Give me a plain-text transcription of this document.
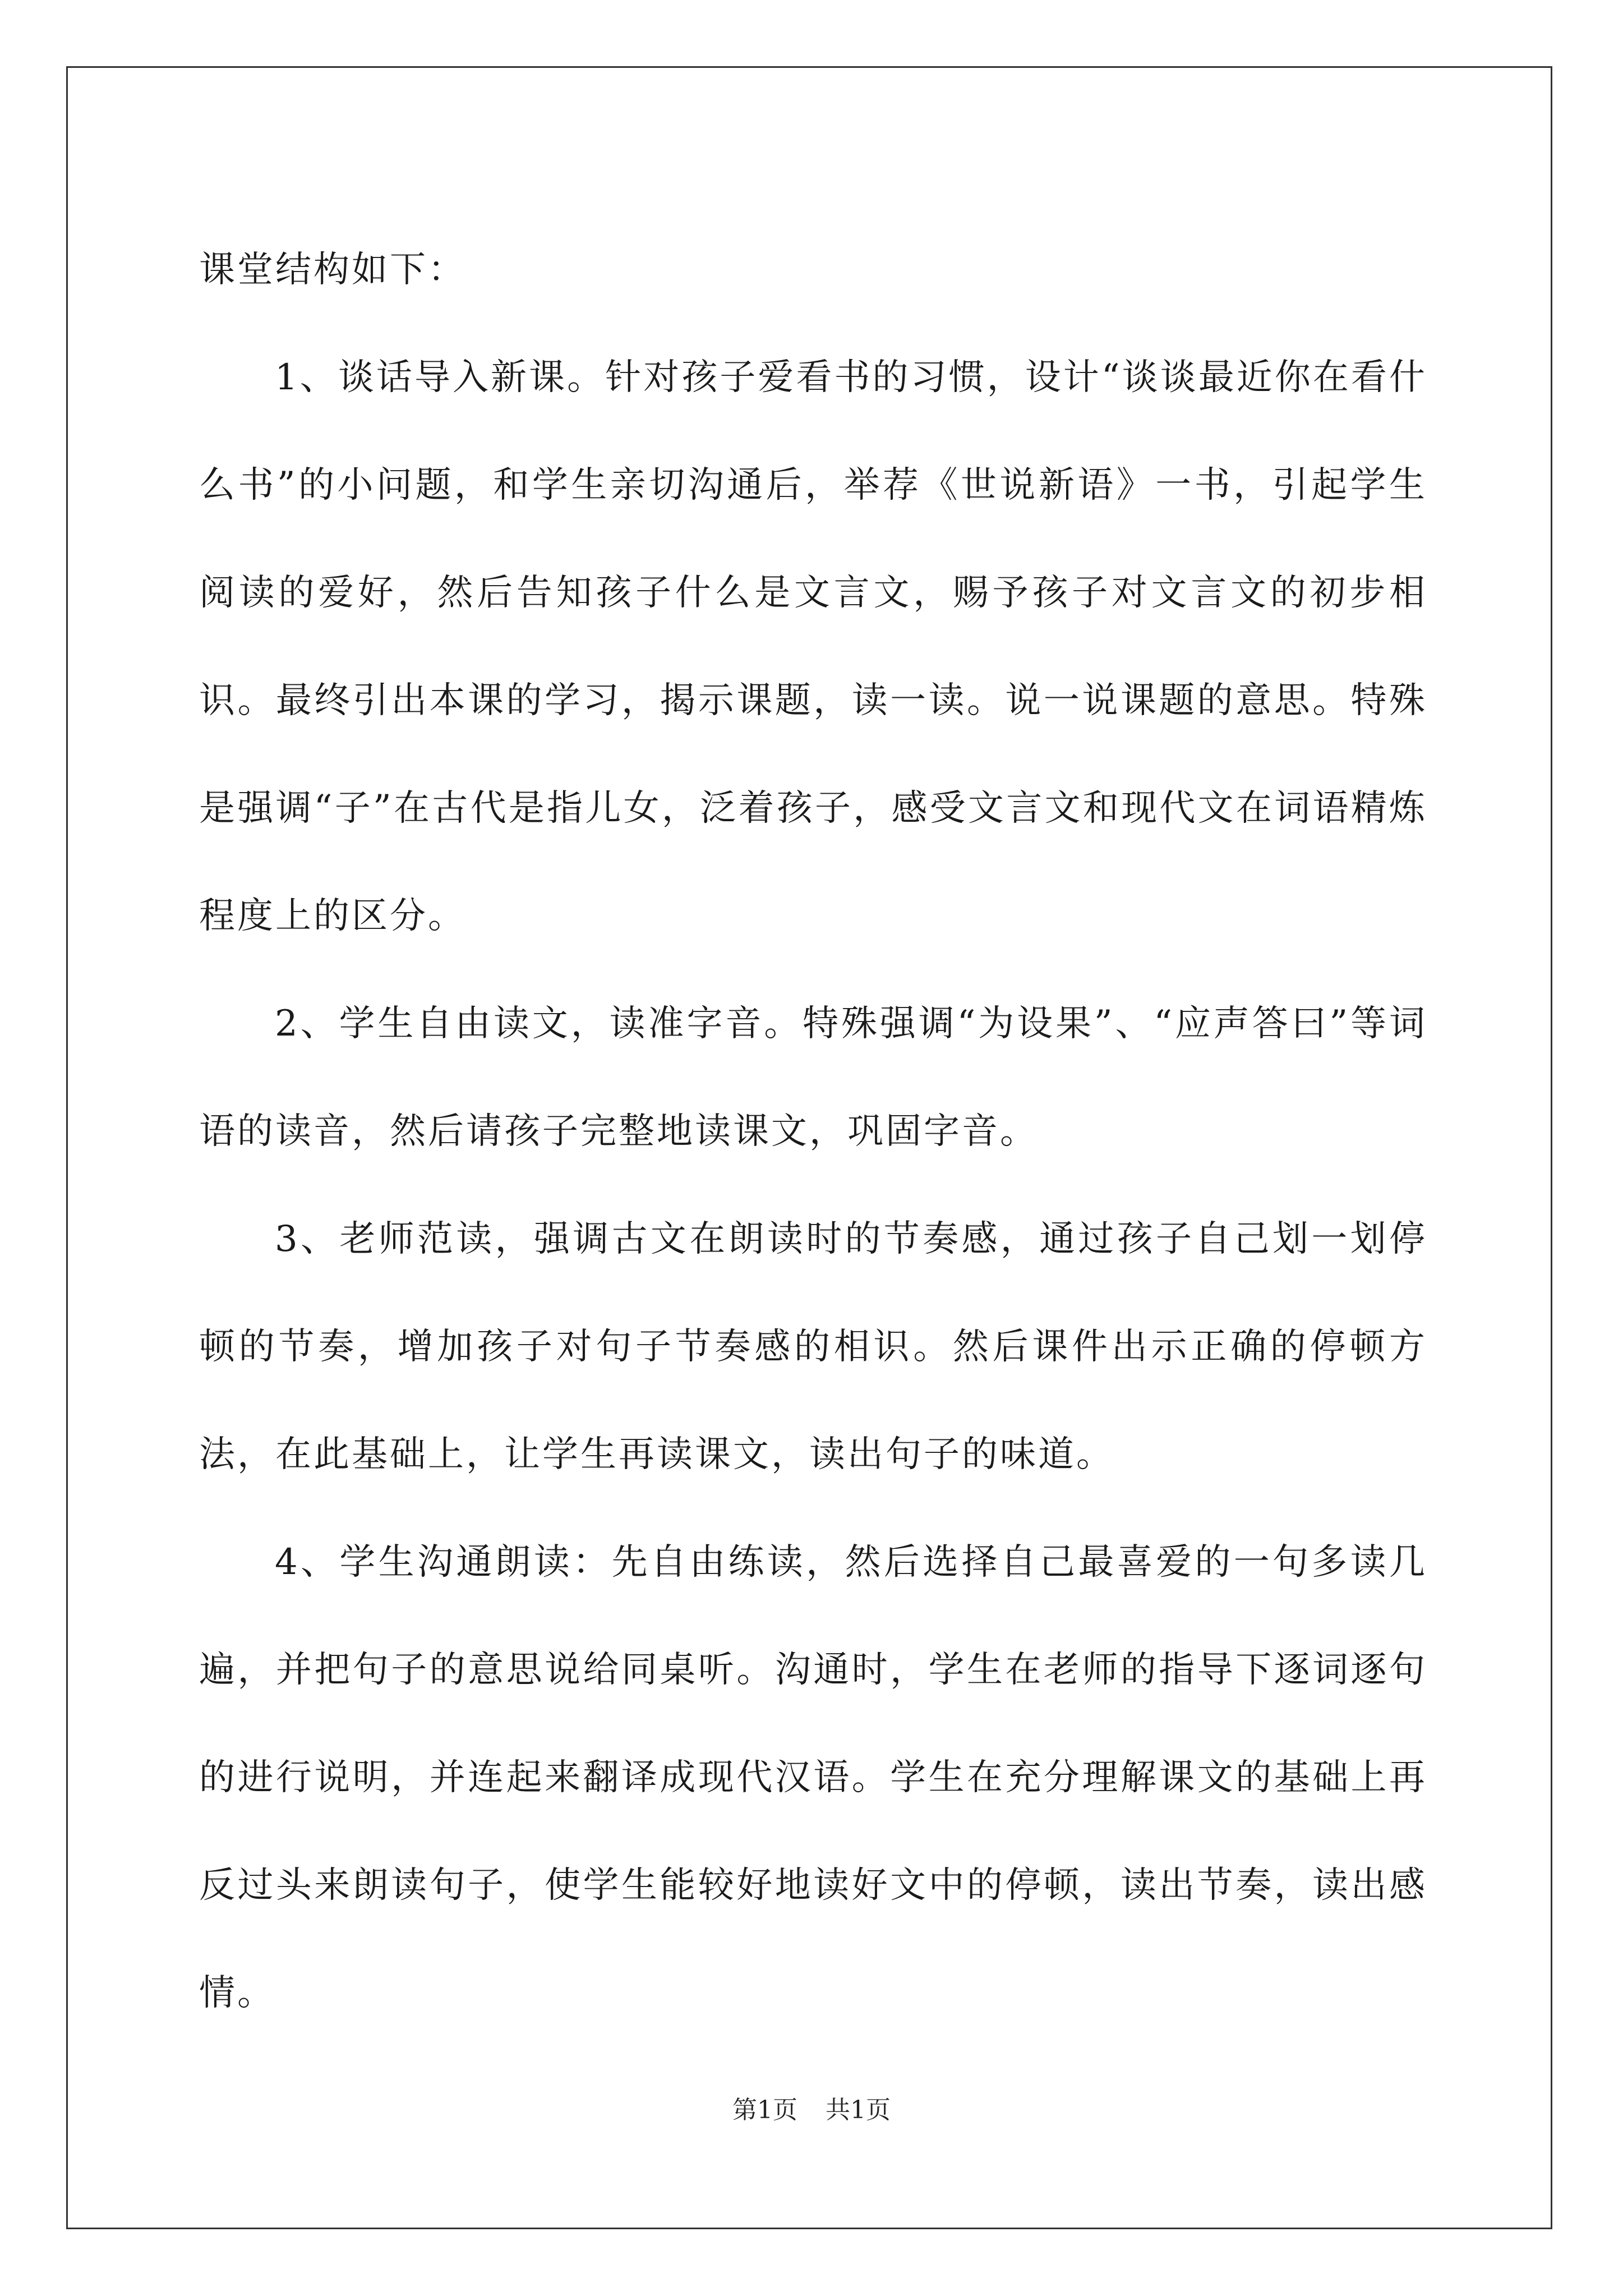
课堂结构如下：

1、谈话导入新课。针对孩子爱看书的习惯，设计“谈谈最近你在看什么书”的小问题，和学生亲切沟通后，举荐《世说新语》一书，引起学生阅读的爱好，然后告知孩子什么是文言文，赐予孩子对文言文的初步相识。最终引出本课的学习，揭示课题，读一读。说一说课题的意思。特殊是强调“子”在古代是指儿女，泛着孩子，感受文言文和现代文在词语精炼程度上的区分。

2、学生自由读文，读准字音。特殊强调“为设果”、“应声答曰”等词语的读音，然后请孩子完整地读课文，巩固字音。

3、老师范读，强调古文在朗读时的节奏感，通过孩子自己划一划停顿的节奏，增加孩子对句子节奏感的相识。然后课件出示正确的停顿方法，在此基础上，让学生再读课文，读出句子的味道。

4、学生沟通朗读：先自由练读，然后选择自己最喜爱的一句多读几遍，并把句子的意思说给同桌听。沟通时，学生在老师的指导下逐词逐句的进行说明，并连起来翻译成现代汉语。学生在充分理解课文的基础上再反过头来朗读句子，使学生能较好地读好文中的停顿，读出节奏，读出感情。

第1页 共1页
